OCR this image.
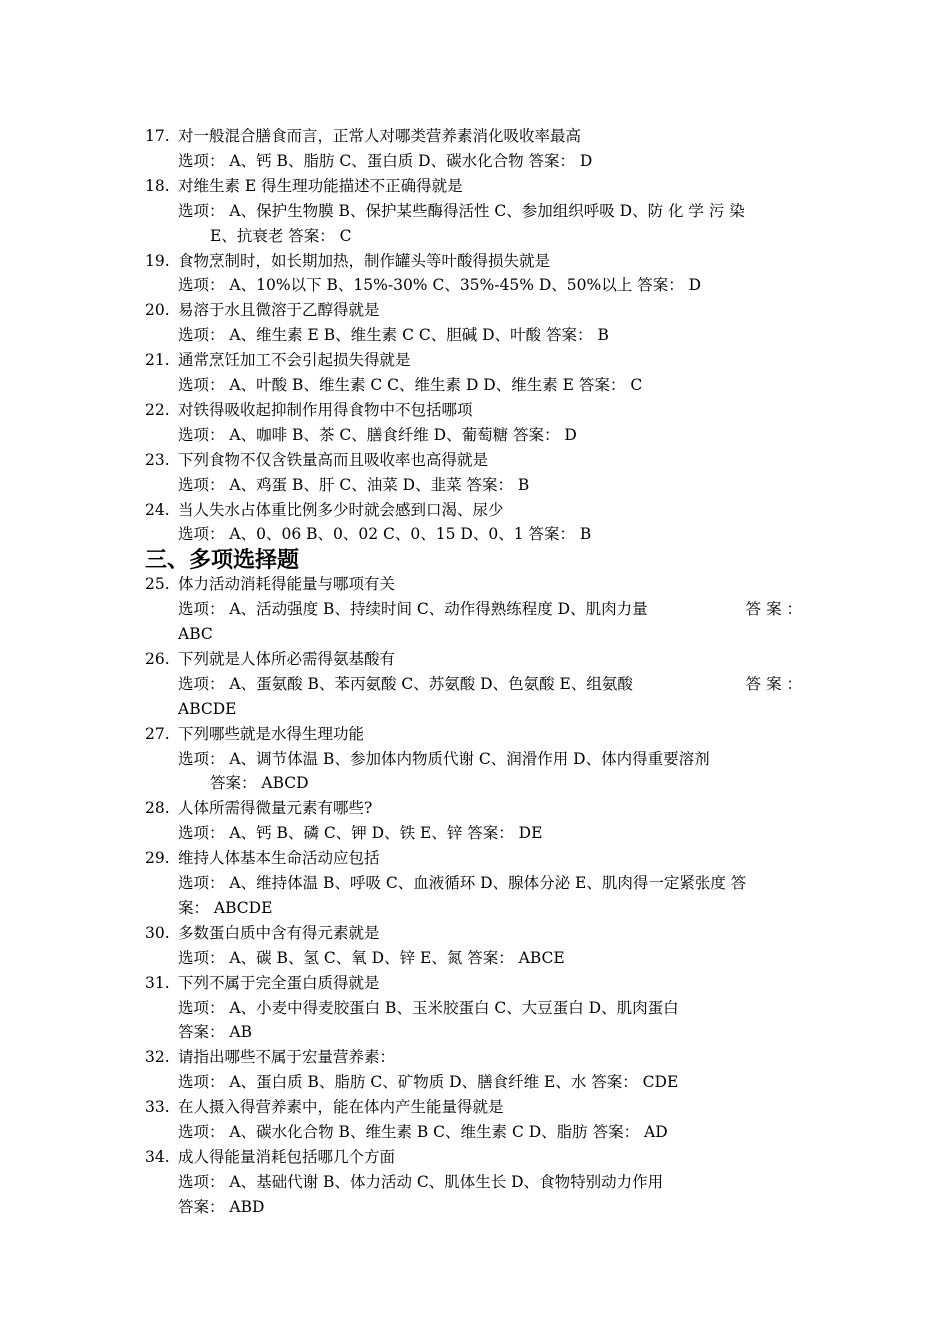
17. 对一般混合膳食而言，正常人对哪类营养素消化吸收率最高
选项： A、钙 B、脂肪 C、蛋白质 D、碳水化合物 答案： D
18. 对维生素 E 得生理功能描述不正确得就是
选项： A、保护生物膜 B、保护某些酶得活性 C、参加组织呼吸 D、防 化 学 污 染
E、抗衰老 答案： C
19. 食物烹制时，如长期加热，制作罐头等叶酸得损失就是
选项： A、10%以下 B、15%-30% C、35%-45% D、50%以上 答案： D
20. 易溶于水且微溶于乙醇得就是
选项： A、维生素 E B、维生素 C C、胆碱 D、叶酸 答案： B
21. 通常烹饪加工不会引起损失得就是
选项： A、叶酸 B、维生素 C C、维生素 D D、维生素 E 答案： C
22. 对铁得吸收起抑制作用得食物中不包括哪项
选项： A、咖啡 B、茶 C、膳食纤维 D、葡萄糖 答案： D
23. 下列食物不仅含铁量高而且吸收率也高得就是
选项： A、鸡蛋 B、肝 C、油菜 D、韭菜 答案： B
24. 当人失水占体重比例多少时就会感到口渴、尿少
选项： A、0、06 B、0、02 C、0、15 D、0、1 答案： B
25. 体力活动消耗得能量与哪项有关
选项： A、活动强度 B、持续时间 C、动作得熟练程度 D、肌肉力量	答 案 ：
ABC
26. 下列就是人体所必需得氨基酸有
选项： A、蛋氨酸 B、苯丙氨酸 C、苏氨酸 D、色氨酸 E、组氨酸	答 案 ：
ABCDE
27. 下列哪些就是水得生理功能
选项： A、调节体温 B、参加体内物质代谢 C、润滑作用 D、体内得重要溶剂
答案： ABCD
28. 人体所需得微量元素有哪些?
选项： A、钙 B、磷 C、钾 D、铁 E、锌 答案： DE
29. 维持人体基本生命活动应包括
选项： A、维持体温 B、呼吸 C、血液循环 D、腺体分泌 E、肌肉得一定紧张度 答
案： ABCDE
30. 多数蛋白质中含有得元素就是
选项： A、碳 B、氢 C、氧 D、锌 E、氮 答案： ABCE
31. 下列不属于完全蛋白质得就是
选项： A、小麦中得麦胶蛋白 B、玉米胶蛋白 C、大豆蛋白 D、肌肉蛋白
答案： AB
32. 请指出哪些不属于宏量营养素：
选项： A、蛋白质 B、脂肪 C、矿物质 D、膳食纤维 E、水 答案： CDE
33. 在人摄入得营养素中，能在体内产生能量得就是
选项： A、碳水化合物 B、维生素 B C、维生素 C D、脂肪 答案： AD
34. 成人得能量消耗包括哪几个方面
选项： A、基础代谢 B、体力活动 C、肌体生长 D、食物特别动力作用
答案： ABD
三、多项选择题
